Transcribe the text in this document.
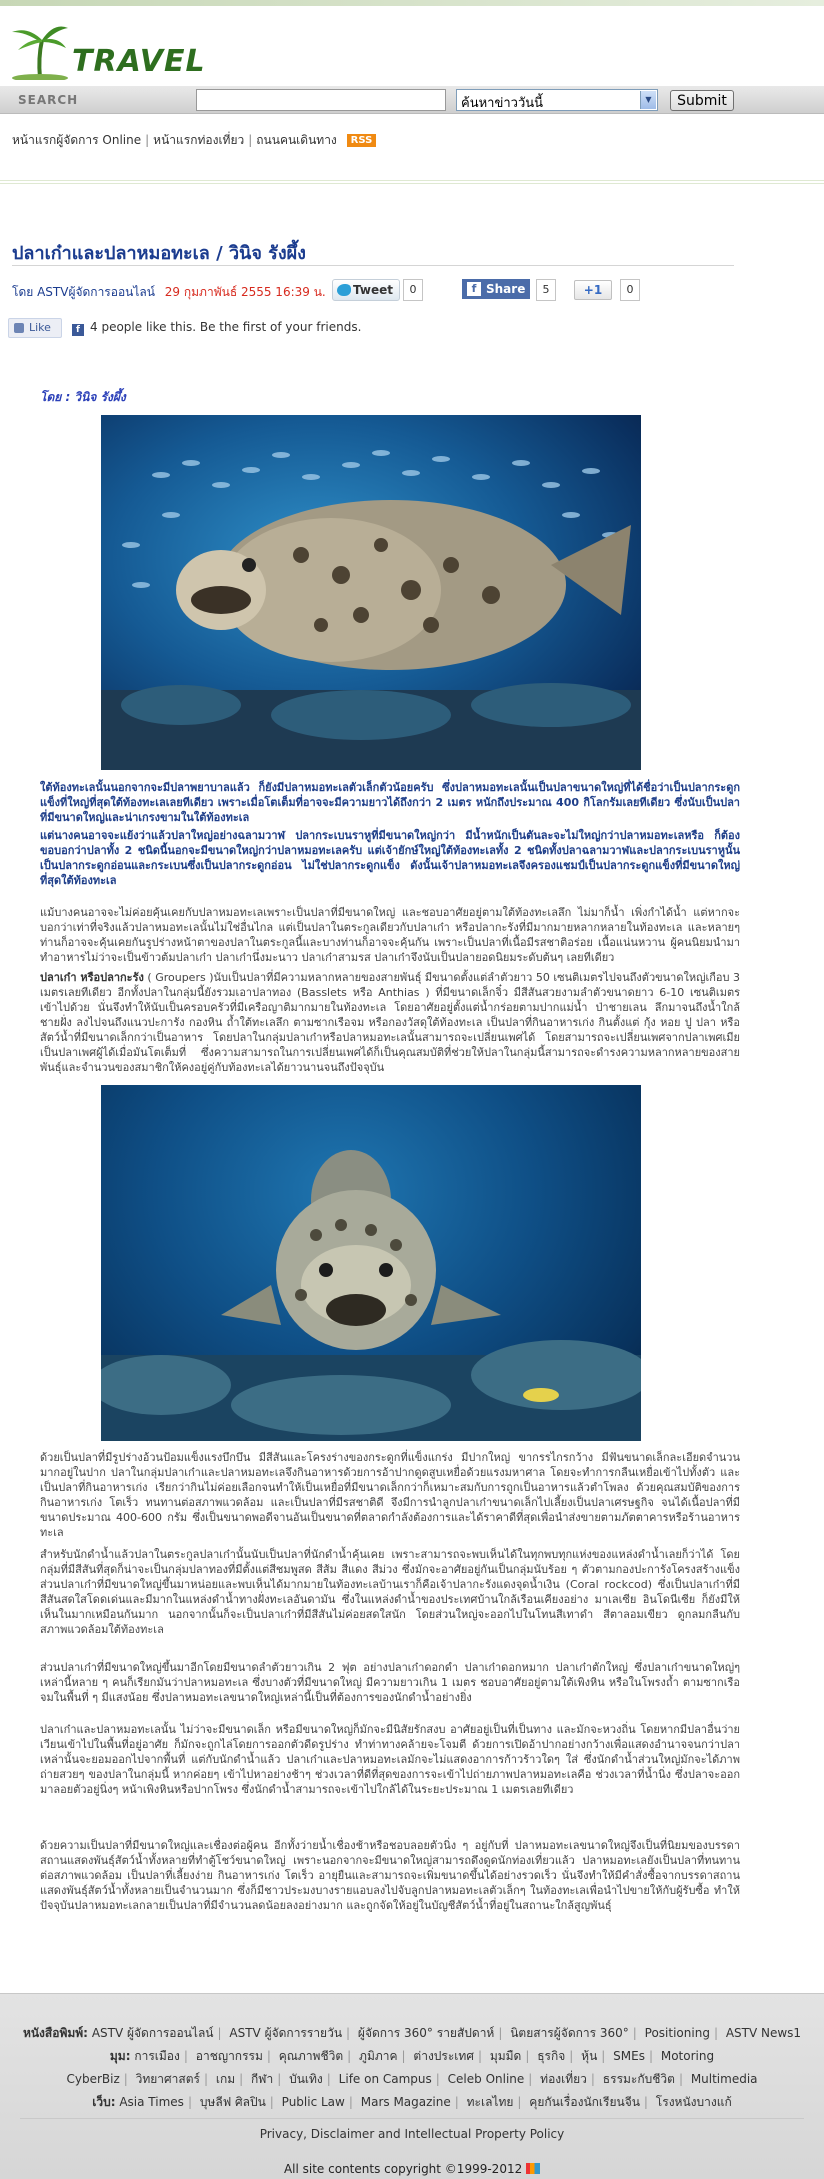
TRAVEL
SEARCH	ค้นหาข่าววันนี้	▼	Submit
หน้าแรกผู้จัดการ Online | หน้าแรกท่องเที่ยว | ถนนคนเดินทาง RSS
ปลาเก๋าและปลาหมอทะเล / วินิจ รังผึ้ง
โดย ASTVผู้จัดการออนไลน์ 29 กุมภาพันธ์ 2555 16:39 น.	Tweet	0	f Share	5	+1	0
Like	f 4 people like this. Be the first of your friends.
โดย : วินิจ รังผึ้ง

ใต้ท้องทะเลนั้นนอกจากจะมีปลาพยาบาลแล้ว ก็ยังมีปลาหมอทะเลตัวเล็กตัวน้อยครับ ซึ่งปลาหมอทะเลนั้นเป็นปลาขนาดใหญ่ที่ได้ชื่อว่าเป็นปลากระดูกแข็งที่ใหญ่ที่สุดใต้ท้องทะเลเลยทีเดียว เพราะเมื่อโตเต็มที่อาจจะมีความยาวได้ถึงกว่า 2 เมตร หนักถึงประมาณ 400 กิโลกรัมเลยทีเดียว ซึ่งนับเป็นปลาที่มีขนาดใหญ่และน่าเกรงขามในใต้ท้องทะเล

แต่นางคนอาจจะแย้งว่าแล้วปลาใหญ่อย่างฉลามวาฬ ปลากระเบนราหูที่มีขนาดใหญ่กว่า มีน้ำหนักเป็นตันละจะไม่ใหญ่กว่าปลาหมอทะเลหรือ ก็ต้องขอบอกว่าปลาทั้ง 2 ชนิดนี้นอกจะมีขนาดใหญ่กว่าปลาหมอทะเลครับ แต่เจ้ายักษ์ใหญ่ใต้ท้องทะเลทั้ง 2 ชนิดทั้งปลาฉลามวาฬและปลากระเบนราหูนั้นเป็นปลากระดูกอ่อนและกระเบนซึ่งเป็นปลากระดูกอ่อน ไม่ใช่ปลากระดูกแข็ง ดังนั้นเจ้าปลาหมอทะเลจึงครองแชมป์เป็นปลากระดูกแข็งที่มีขนาดใหญ่ที่สุดใต้ท้องทะเล

แม้บางคนอาจจะไม่ค่อยคุ้นเคยกับปลาหมอทะเลเพราะเป็นปลาที่มีขนาดใหญ่ และชอบอาศัยอยู่ตามใต้ท้องทะเลลึก ไม่มาก็น้ำ เพิ่งกำได้น้ำ แต่หากจะบอกว่าเท่าที่จริงแล้วปลาหมอทะเลนั้นไม่ใช่อื่นไกล แต่เป็นปลาในตระกูลเดียวกับปลาเก๋า หรือปลากะรังที่มีมากมายหลากหลายในท้องทะเล และหลายๆ ท่านก็อาจจะคุ้นเคยกันรูปร่างหน้าตาของปลาในตระกูลนี้และบางท่านก็อาจจะคุ้นกัน เพราะเป็นปลาที่เนื้อมีรสชาติอร่อย เนื้อแน่นหวาน ผู้คนนิยมนำมาทำอาหารไม่ว่าจะเป็นข้าวต้มปลาเก๋า ปลาเก๋านึ่งมะนาว ปลาเก๋าสามรส ปลาเก๋าจึงนับเป็นปลายอดนิยมระดับต้นๆ เลยทีเดียว

ปลาเก๋า หรือปลากะรัง ( Groupers )นับเป็นปลาที่มีความหลากหลายของสายพันธุ์ มีขนาดตั้งแต่ลำตัวยาว 50 เซนติเมตรไปจนถึงตัวขนาดใหญ่เกือบ 3 เมตรเลยทีเดียว อีกทั้งปลาในกลุ่มนี้ยังรวมเอาปลาทอง (Basslets หรือ Anthias ) ที่มีขนาดเล็กจิ๋ว มีสีสันสวยงามลำตัวขนาดยาว 6-10 เซนติเมตรเข้าไปด้วย นั่นจึงทำให้นับเป็นครอบครัวที่มีเครือญาติมากมายในท้องทะเล โดยอาศัยอยู่ตั้งแต่น้ำกร่อยตามปากแม่น้ำ ป่าชายเลน ลึกมาจนถึงน้ำใกล้ชายฝั่ง ลงไปจนถึงแนวปะการัง กองหิน ถ้ำใต้ทะเลลึก ตามซากเรือจม หรือกองวัสดุใต้ท้องทะเล เป็นปลาที่กินอาหารเก่ง กินตั้งแต่ กุ้ง หอย ปู ปลา หรือสัตว์น้ำที่มีขนาดเล็กกว่าเป็นอาหาร โดยปลาในกลุ่มปลาเก๋าหรือปลาหมอทะเลนั้นสามารถจะเปลี่ยนเพศได้ โดยสามารถจะเปลี่ยนเพศจากปลาเพศเมียเป็นปลาเพศผู้ได้เมื่อมันโตเต็มที่ ซึ่งความสามารถในการเปลี่ยนเพศได้ก็เป็นคุณสมบัติที่ช่วยให้ปลาในกลุ่มนี้สามารถจะดำรงความหลากหลายของสายพันธุ์และจำนวนของสมาชิกให้คงอยู่คู่กับท้องทะเลได้ยาวนานจนถึงปัจจุบัน

ด้วยเป็นปลาที่มีรูปร่างอ้วนป้อมแข็งแรงบึกบึน มีสีสันและโครงร่างของกระดูกที่แข็งแกร่ง มีปากใหญ่ ขากรรไกรกว้าง มีฟันขนาดเล็กละเอียดจำนวนมากอยู่ในปาก ปลาในกลุ่มปลาเก๋าและปลาหมอทะเลจึงกินอาหารด้วยการอ้าปากดูดสูบเหยื่อด้วยแรงมหาศาล โดยจะทำการกลืนเหยื่อเข้าไปทั้งตัว และเป็นปลาที่กินอาหารเก่ง เรียกว่ากินไม่ค่อยเลือกจนทำให้เป็นเหยื่อที่มีขนาดเล็กกว่าก็เหมาะสมกับการถูกเป็นอาหารแล้วตำโพลง ด้วยคุณสมบัติของการกินอาหารเก่ง โตเร็ว ทนทานต่อสภาพแวดล้อม และเป็นปลาที่มีรสชาติดี จึงมีการนำลูกปลาเก๋าขนาดเล็กไปเลี้ยงเป็นปลาเศรษฐกิจ จนได้เนื้อปลาที่มีขนาดประมาณ 400-600 กรัม ซึ่งเป็นขนาดพอดีจานอันเป็นขนาดที่ตลาดกำลังต้องการและได้ราคาดีที่สุดเพื่อนำส่งขายตามภัตตาคารหรือร้านอาหารทะเล

สำหรับนักดำน้ำแล้วปลาในตระกูลปลาเก๋านั้นนับเป็นปลาที่นักดำน้ำคุ้นเคย เพราะสามารถจะพบเห็นได้ในทุกพบทุกแห่งของแหล่งดำน้ำเลยก็ว่าได้ โดยกลุ่มที่มีสีสันที่สุดก็น่าจะเป็นกลุ่มปลาทองที่มีตั้งแต่สีชมพูสด สีส้ม สีแดง สีม่วง ซึ่งมักจะอาศัยอยู่กันเป็นกลุ่มนับร้อย ๆ ตัวตามกองปะการังโครงสร้างแข็ง ส่วนปลาเก๋าที่มีขนาดใหญ่ขึ้นมาหน่อยและพบเห็นได้มากมายในท้องทะเลบ้านเราก็คือเจ้าปลากะรังแดงจุดน้ำเงิน (Coral rockcod) ซึ่งเป็นปลาเก๋าที่มีสีสันสดใสโดดเด่นและมีมากในแหล่งดำน้ำทางฝั่งทะเลอันดามัน ซึ่งในแหล่งดำน้ำของประเทศบ้านใกล้เรือนเคียงอย่าง มาเลเซีย อินโดนีเซีย ก็ยังมีให้เห็นในมากเหมือนกันมาก นอกจากนั้นก็จะเป็นปลาเก๋าที่มีสีสันไม่ค่อยสดใสนัก โดยส่วนใหญ่จะออกไปในโทนสีเทาดำ สีตาลอมเขียว ดูกลมกลืนกับสภาพแวดล้อมใต้ท้องทะเล

ส่วนปลาเก๋าที่มีขนาดใหญ่ขึ้นมาอีกโดยมีขนาดลำตัวยาวเกิน 2 ฟุต อย่างปลาเก๋าดอกดำ ปลาเก๋าดอกหมาก ปลาเก๋าตักใหญ่ ซึ่งปลาเก๋าขนาดใหญ่ๆ เหล่านี้หลาย ๆ คนก็เรียกมันว่าปลาหมอทะเล ซึ่งบางตัวที่มีขนาดใหญ่ มีความยาวเกิน 1 เมตร ชอบอาศัยอยู่ตามใต้เพิงหิน หรือในโพรงถ้ำ ตามซากเรือจมในพื้นที่ ๆ มีแสงน้อย ซึ่งปลาหมอทะเลขนาดใหญ่เหล่านี้เป็นที่ต้องการของนักดำน้ำอย่างยิ่ง

ปลาเก๋าและปลาหมอทะเลนั้น ไม่ว่าจะมีขนาดเล็ก หรือมีขนาดใหญ่ก็มักจะมีนิสัยรักสงบ อาศัยอยู่เป็นที่เป็นทาง และมักจะหวงถิ่น โดยหากมีปลาอื่นว่ายเวียนเข้าไปในพื้นที่อยู่อาศัย ก็มักจะถูกไล่โดยการออกตัวดีดรูปร่าง ทำท่าทางคล้ายจะโจมตี ด้วยการเปิดอ้าปากอย่างกว้างเพื่อแสดงอำนาจจนกว่าปลาเหล่านั้นจะยอมออกไปจากพื้นที่ แต่กับนักดำน้ำแล้ว ปลาเก๋าและปลาหมอทะเลมักจะไม่แสดงอาการก้าวร้าวใดๆ ใส่ ซึ่งนักดำน้ำส่วนใหญ่มักจะได้ภาพถ่ายสวยๆ ของปลาในกลุ่มนี้ หากค่อยๆ เข้าไปหาอย่างช้าๆ ช่วงเวลาที่ดีที่สุดของการจะเข้าไปถ่ายภาพปลาหมอทะเลคือ ช่วงเวลาที่น้ำนิ่ง ซึ่งปลาจะออกมาลอยตัวอยู่นิ่งๆ หน้าเพิงหินหรือปากโพรง ซึ่งนักดำน้ำสามารถจะเข้าไปใกล้ได้ในระยะประมาณ 1 เมตรเลยทีเดียว

ด้วยความเป็นปลาที่มีขนาดใหญ่และเชื่องต่อผู้คน อีกทั้งว่ายน้ำเชื่องช้าหรือชอบลอยตัวนิ่ง ๆ อยู่กับที่ ปลาหมอทะเลขนาดใหญ่จึงเป็นที่นิยมของบรรดาสถานแสดงพันธุ์สัตว์น้ำทั้งหลายที่ทำตู้โชว์ขนาดใหญ่ เพราะนอกจากจะมีขนาดใหญ่สามารถดึงดูดนักท่องเที่ยวแล้ว ปลาหมอทะเลยังเป็นปลาที่ทนทานต่อสภาพแวดล้อม เป็นปลาที่เลี้ยงง่าย กินอาหารเก่ง โตเร็ว อายุยืนและสามารถจะเพิ่มขนาดขึ้นได้อย่างรวดเร็ว นั่นจึงทำให้มีคำสั่งซื้อจากบรรดาสถานแสดงพันธุ์สัตว์น้ำทั้งหลายเป็นจำนวนมาก ซึ่งก็มีชาวประมงบางรายแอบลงไปจับลูกปลาหมอทะเลตัวเล็กๆ ในท้องทะเลเพื่อนำไปขายให้กับผู้รับซื้อ ทำให้ปัจจุบันปลาหมอทะเลกลายเป็นปลาที่มีจำนวนลดน้อยลงอย่างมาก และถูกจัดให้อยู่ในบัญชีสัตว์น้ำที่อยู่ในสถานะใกล้สูญพันธุ์

หนังสือพิมพ์: ASTV ผู้จัดการออนไลน์ | ASTV ผู้จัดการรายวัน | ผู้จัดการ 360° รายสัปดาห์ | นิตยสารผู้จัดการ 360° | Positioning | ASTV News1
มุม: การเมือง | อาชญากรรม | คุณภาพชีวิต | ภูมิภาค | ต่างประเทศ | มุมมืด | ธุรกิจ | หุ้น | SMEs | Motoring
CyberBiz | วิทยาศาสตร์ | เกม | กีฬา | บันเทิง | Life on Campus | Celeb Online | ท่องเที่ยว | ธรรมะกับชีวิต | Multimedia
เว็บ: Asia Times | บุษลีฟ ศิลปิน | Public Law | Mars Magazine | ทะเลไทย | คุยกันเรื่องนักเรียนจีน | โรงหนังบางแก้
Privacy, Disclaimer and Intellectual Property Policy
All site contents copyright ©1999-2012
